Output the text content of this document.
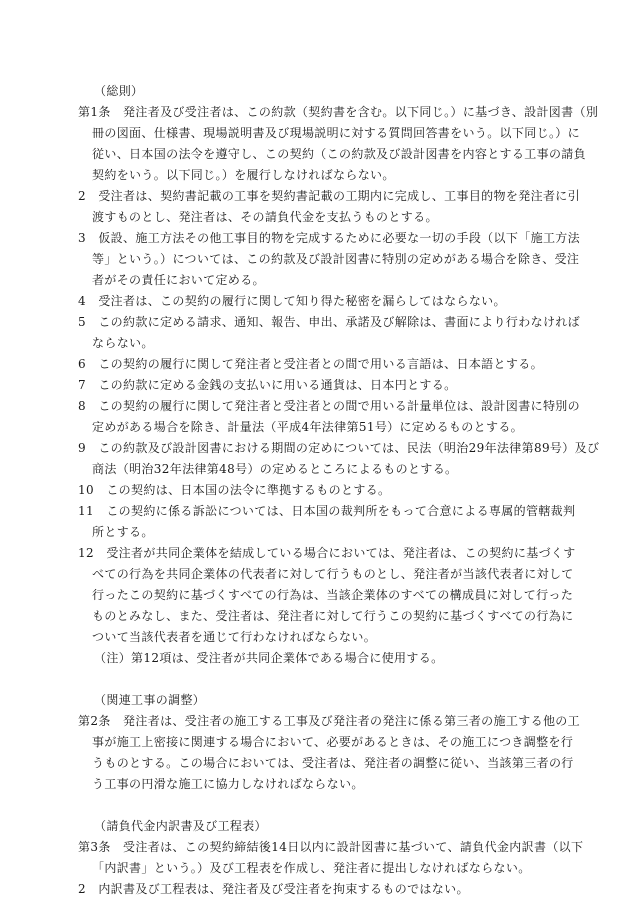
（総則）
第1条　発注者及び受注者は、この約款（契約書を含む。以下同じ。）に基づき、設計図書（別
冊の図面、仕様書、現場説明書及び現場説明に対する質問回答書をいう。以下同じ。）に
従い、日本国の法令を遵守し、この契約（この約款及び設計図書を内容とする工事の請負
契約をいう。以下同じ。）を履行しなければならない。
2　受注者は、契約書記載の工事を契約書記載の工期内に完成し、工事目的物を発注者に引
渡すものとし、発注者は、その請負代金を支払うものとする。
3　仮設、施工方法その他工事目的物を完成するために必要な一切の手段（以下「施工方法
等」という。）については、この約款及び設計図書に特別の定めがある場合を除き、受注
者がその責任において定める。
4　受注者は、この契約の履行に関して知り得た秘密を漏らしてはならない。
5　この約款に定める請求、通知、報告、申出、承諾及び解除は、書面により行わなければ
ならない。
6　この契約の履行に関して発注者と受注者との間で用いる言語は、日本語とする。
7　この約款に定める金銭の支払いに用いる通貨は、日本円とする。
8　この契約の履行に関して発注者と受注者との間で用いる計量単位は、設計図書に特別の
定めがある場合を除き、計量法（平成4年法律第51号）に定めるものとする。
9　この約款及び設計図書における期間の定めについては、民法（明治29年法律第89号）及び
商法（明治32年法律第48号）の定めるところによるものとする。
10　この契約は、日本国の法令に準拠するものとする。
11　この契約に係る訴訟については、日本国の裁判所をもって合意による専属的管轄裁判
所とする。
12　受注者が共同企業体を結成している場合においては、発注者は、この契約に基づくす
べての行為を共同企業体の代表者に対して行うものとし、発注者が当該代表者に対して
行ったこの契約に基づくすべての行為は、当該企業体のすべての構成員に対して行った
ものとみなし、また、受注者は、発注者に対して行うこの契約に基づくすべての行為に
ついて当該代表者を通じて行わなければならない。
（注）第12項は、受注者が共同企業体である場合に使用する。
（関連工事の調整）
第2条　発注者は、受注者の施工する工事及び発注者の発注に係る第三者の施工する他の工
事が施工上密接に関連する場合において、必要があるときは、その施工につき調整を行
うものとする。この場合においては、受注者は、発注者の調整に従い、当該第三者の行
う工事の円滑な施工に協力しなければならない。
（請負代金内訳書及び工程表）
第3条　受注者は、この契約締結後14日以内に設計図書に基づいて、請負代金内訳書（以下
「内訳書」という。）及び工程表を作成し、発注者に提出しなければならない。
2　内訳書及び工程表は、発注者及び受注者を拘束するものではない。
